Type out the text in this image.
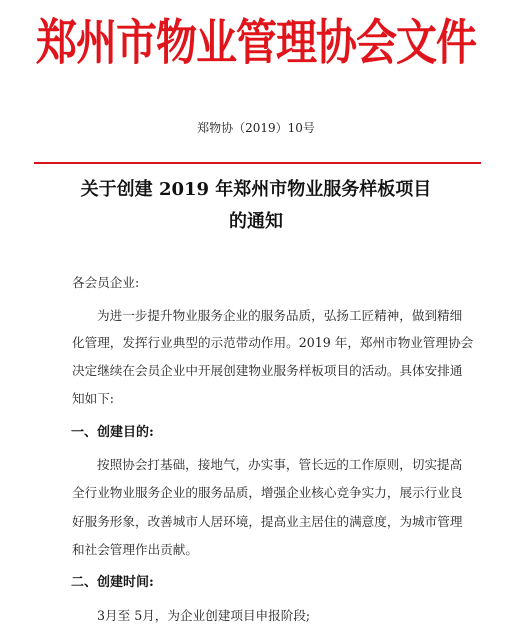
郑州市物业管理协会文件
郑物协（2019）10号
关于创建 2019 年郑州市物业服务样板项目
的通知
各会员企业:
为进一步提升物业服务企业的服务品质，弘扬工匠精神，做到精细
化管理，发挥行业典型的示范带动作用。2019 年，郑州市物业管理协会
决定继续在会员企业中开展创建物业服务样板项目的活动。具体安排通
知如下:
一、创建目的:
按照协会打基础，接地气，办实事，管长远的工作原则，切实提高
全行业物业服务企业的服务品质，增强企业核心竞争实力，展示行业良
好服务形象，改善城市人居环境，提高业主居住的满意度，为城市管理
和社会管理作出贡献。
二、创建时间:
3月至 5月，为企业创建项目申报阶段;
